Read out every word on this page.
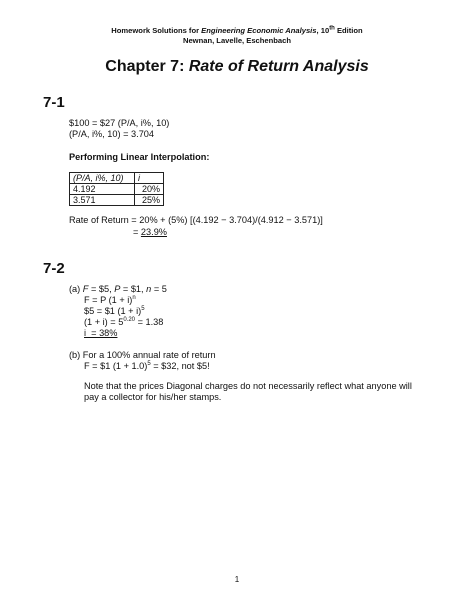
Homework Solutions for Engineering Economic Analysis, 10th Edition
Newnan, Lavelle, Eschenbach
Chapter 7: Rate of Return Analysis
7-1
$100 = $27 (P/A, i%, 10)
(P/A, i%, 10) = 3.704
Performing Linear Interpolation:
(P/A, i%, 10)	i
4.192	20%
3.571	25%
Rate of Return = 20% + (5%) [(4.192 − 3.704)/(4.912 − 3.571)]
= 23.9%
7-2
(a) F = $5, P = $1, n = 5
F = P $(1 + i)^n$
$5 = $1 $(1 + i)^5$
$(1 + i) = 5^{0.20} = 1.38$
i  = 38%
(b) For a 100% annual rate of return
F = $1 $(1 + 1.0)^5$ = $32, not $5!
Note that the prices Diagonal charges do not necessarily reflect what anyone will
pay a collector for his/her stamps.
1
